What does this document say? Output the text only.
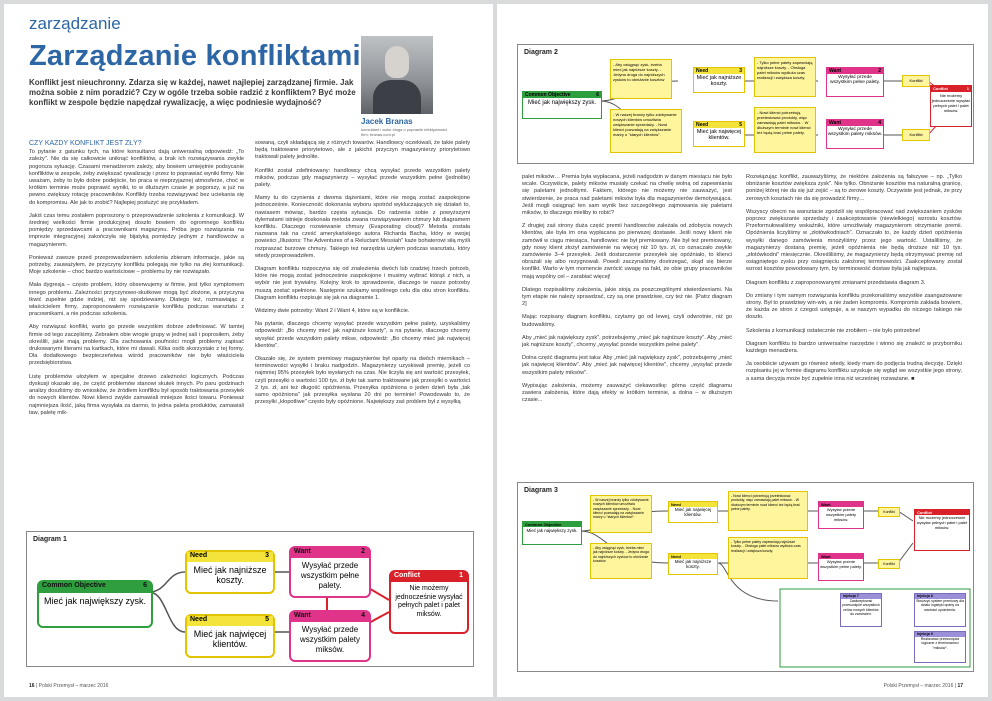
zarządzanie
Zarządzanie konfliktami
Konflikt jest nieuchronny. Zdarza się w każdej, nawet najlepiej zarządzanej firmie. Jak można sobie z nim poradzić? Czy w ogóle trzeba sobie radzić z konfliktem? Być może konflikt w zespole będzie napędzał rywalizację, a więc podniesie wydajność?
Jacek Branas
konsultant i autor bloga o poprawie efektywności firm: branas.com.pl
CZY KAŻDY KONFLIKT JEST ZŁY?

To pytanie z gatunku tych, na które konsultanci dają uniwersalną odpowiedź: „To zależy". Nie da się całkowicie uniknąć konfliktów, a brak ich rozwiązywania zwykle pogorsza sytuację. Czasami menadżerom zależy, aby bowiem umiejętnie podsycanie konfliktów w zespole, żeby zwiększać rywalizację i przez to poprawiać wyniki firmy. Nie uważam, żeby to było dobre podejście, bo praca w nieprzyjaznej atmosferze, choć w krótkim terminie może poprawić wyniki, to w dłuższym czasie je pogorszy, a już na pewno zwiększy rotację pracowników. Konflikty trzeba rozwiązywać bez uciekania się do kompromisu. Ale jak to zrobić? Najlepiej posłużyć się przykładem.

Jakiś czas temu zostałem poproszony o przeprowadzenie szkolenia z komunikacji. W średniej wielkości firmie produkcyjnej doszło bowiem do ogromnego konfliktu pomiędzy sprzedawcami a pracownikami magazynu. Próba jego rozwiązania na imprezie integracyjnej zakończyła się bijatyką pomiędzy jednym z handlowców a magazynierem.

Ponieważ zawsze przed przeprowadzeniem szkolenia zbieram informacje, jakie są potrzeby, zauważyłem, że przyczyny konfliktu polegają nie tylko na złej komunikacji. Moje szkolenie – choć bardzo wartościowe – problemu by nie rozwiązało.

Mała dygresja – często problem, który obserwujemy w firmie, jest tylko symptomem innego problemu. Zależności przyczynowo-skutkowe mogą być złożone, a przyczyna tkwić zupełnie gdzie indziej, niż się spodziewamy. Dlatego też, rozmawiając z właścicielem firmy, zaproponowałem rozwiązanie konfliktu podczas warsztatu z pracownikami, a nie podczas szkolenia.

Aby rozwiązać konflikt, warto go przede wszystkim dobrze zdefiniować. W tamtej firmie od tego zaczęliśmy. Zebrałem obie wrogie grupy w jednej sali i poprosiłem, żeby określili, jakie mają problemy. Dla zachowania poufności mogli problemy zapisać drukowanymi literami na kartkach, które mi dawali. Kilka osób skorzystało z tej formy. Dla dodatkowego bezpieczeństwa wśród pracowników nie było właściciela przedsiębiorstwa.

Listę problemów ułożyłem w specjalne drzewo zależności logicznych. Podczas dyskusji okazało się, że część problemów stanowi skutek innych. Po paru godzinach analizy doszliśmy do wniosków, że źródłem konfliktu był sposób traktowania przesyłek do nowych klientów. Nowi klienci zwykle zamawiali mniejsze ilości towaru. Ponieważ najmniejsza ilość, jaką firma wysyłała za darmo, to jedna paleta produktów, zamawiali taw, paletę mik-

sowaną, czyli składającą się z różnych towarów. Handlowcy oczekiwali, że takie palety będą traktowane priorytetowo, ale z jakichś przyczyn magazynierzy priorytetowo traktowali palety jednolite.

Konflikt został zdefiniowany: handlowcy chcą wysyłać przede wszystkim palety miksów, podczas gdy magazynierzy – wysyłać przede wszystkim pełne (jednolite) palety.

Mamy tu do czynienia z dwoma dążeniami, które nie mogą zostać zaspokojone jednocześnie. Konieczność dokonania wyboru spotród wykluczających się działań to, nawiasem mówiąc, bardzo częsta sytuacja. Do radzenia sobie z powyższymi dylematami istnieje doskonała metoda zwana rozwiązywaniem chmury lub diagramem konfliktu. Dlaczego rozwiewanie chmury (Evaporating cloud)? Metoda została nazwana tak na cześć amerykańskiego autora Richarda Bacha, który w swojej powieści „Illusions: The Adventures of a Reluctant Messiah" każe bohaterowi siłą myśli rozpraszać burzowe chmury. Takiego też narzędzia użyłem podczas warsztatu, który wtedy przeprowadziłem.

Diagram konfliktu rozpoczyna się od znalezienia dwóch lub rzadziej trzech potrzeb, które nie mogą zostać jednocześnie zaspokojone i musimy wybrać którąś z nich, a wybór nie jest trywialny. Kolejny krok to sprawdzenie, dlaczego te nasze potrzeby muszą zostać spełnione. Następnie szukamy wspólnego celu dla obu stron konfliktu. Diagram konfliktu rozpisuje się jak na diagramie 1.

Widzimy dwie potrzeby: Want 2 i Want 4, które są w konflikcie.

Na pytanie, dlaczego chcemy wysyłać przede wszystkim pełne palety, uzyskaliśmy odpowiedź: „Bo chcemy mieć jak najniższe koszty", a na pytanie, dlaczego chcemy wysyłać przede wszystkim palety mikse, odpowiedź: „Bo chcemy mieć jak najwięcej klientów".

Okazało się, że system premiowy magazynierów był oparty na dwóch miernikach – terminowości wysyłki i braku nadgodzin. Magazynierzy uzyskiwali premię, jeżeli co najmniej 95% przesyłek było wysłanych na czas. Nie liczyła się ani wartość przesyłek, czyli przesyłki o wartości 100 tys. zł było tak samo traktowane jak przesyłki o wartości 2 tys. zł, ani też długość opóźnienia. Przesyłka opóźniona o jeden dzień była „tak samo opóźniona" jak przesyłka wysłana 20 dni po terminie! Powodowało to, że przesyłki „kłopotliwe" często były opóźnione. Największy zaś problem był z wysyłką

Diagram 1
Common Objective	6
Mieć jak największy zysk.
Need	3
Mieć jak najniższe koszty.
Need	5
Mieć jak najwięcej klientów.
Want	2
Wysyłać przede wszystkim pełne palety.
Want	4
Wysyłać przede wszystkim palety miksów.
Conflict	1
Nie możemy jednocześnie wysyłać pełnych palet i palet miksów.
16 | Polski Przemysł – marzec 2016
Diagram 2
Common Objective	6
Mieć jak największy zysk.
- Aby osiągnąć zysk, trzeba mieć jak najniższe koszty. - Jedyna droga do najniższych zysków to obniżanie kosztów
- W naszej branży tylko zdobywanie nowych klientów umożliwia zwiększanie sprzedaży. - Nowi klienci pozwalają na zwiększanie marży u "starych klientów".
Need	3
Mieć jak najniższe koszty.
Need	5
Mieć jak najwięcej klientów.
- Tylko pełne palety zapewniają najniższe koszty. - Obsługa palet miksów wydłuża czas realizacji i zwiększa koszty.
- Nowi klienci potrzebują przetestować produkty, więc zamawiają palet miksów. - W dłuższym terminie nowi klienci też będą brać pełne palety.
Want	2
Wysyłać przede wszystkim pełne palety.
Want	4
Wysyłać przede wszystkim palety miksów.
Konflikt
Konflikt
Conflict	1
Nie możemy jednocześnie wysyłać pełnych palet i palet miksów.

palet miksów… Premia była wypłacana, jeżeli nadgodzin w danym miesiącu nie było wcale. Oczywiście, palety miksów musiały czekać na chwilę wolną od zapewniania się paletami jednolitymi. Faktem, którego nie możemy nie zauważyć, jest stwierdzenie, że praca nad paletami miksów była dla magazynierów demotywująca. Jeśli mogli osiągnąć ten sam wynik bez szczególnego zajmowania się paletami miksów, to dlaczego mieliby to robić?

Z drugiej zaś strony duża część premii handlowców zależała od zdobycia nowych klientów, ale była im ona wypłacana po pierwszej dostawie. Jeśli nowy klient nie zamówił w ciągu miesiąca, handlowiec nie był premiowany. Nie był też premiowany, gdy nowy klient złożył zamówienie na więcej niż 10 tys. zł, co oznaczało zwykle zamówienie 3–4 przesyłek. Jeśli dostarczenie przesyłek się opóźniało, to klienci obrażali się albo rezygnowali. Powoli zaczynaliśmy dostrzegać, skąd się bierze konflikt. Warto w tym momencie zwrócić uwagę na fakt, że obie grupy pracowników mają wspólny cel – zarabiać więcej!

Dlatego rozpisaliśmy założenia, jakie stoją za poszczególnymi stwierdzeniami. Na tym etapie nie należy sprawdzać, czy są one prawdziwe, czy też nie. [Patrz diagram 2]

Mając rozpisany diagram konfliktu, czytamy go od lewej, czyli odwrotnie, niż go budowaliśmy.

Aby „mieć jak największy zysk", potrzebujemy „mieć jak najniższe koszty". Aby „mieć jak najniższe koszty", chcemy „wysyłać przede wszystkim pełne palety".

Dolna część diagramu jest taka: Aby „mieć jak największy zysk", potrzebujemy „mieć jak najwięcej klientów". Aby „mieć jak najwięcej klientów", chcemy „wysyłać przede wszystkim palety miksów".

Wypisując założenia, możemy zauważyć ciekawostkę: górna część diagramu zawiera założenia, które dają efekty w krótkim terminie, a dolna – w dłuższym czasie...

Rozwiązując konflikt, zauważyliśmy, że niektóre założenia są fałszywe – np. „Tylko obniżanie kosztów zwiększa zysk". Nie tylko. Obniżanie kosztów ma naturalną granicę, poniżej której nie da się już zejść – są to zerowe koszty. Oczywiste jest jednak, że przy zerowych kosztach nie da się prowadzić firmy…

Wszyscy obecni na warsztacie zgodzili się współpracować nad zwiększaniem zysków poprzez zwiększanie sprzedaży i zaakceptowanie (niewielkiego) wzrostu kosztów. Przeformułowaliśmy wskaźniki, które umożliwiały magazynierom otrzymanie premii. Opóźnienia liczyliśmy w „złotówkodniach". Oznaczało to, że każdy dzień opóźnienia wysyłki danego zamówienia mnożyliśmy przez jego wartość. Ustaliliśmy, że magazynierzy dostaną premię, jeżeli opóźnienia nie będą droższe niż 10 tys. „złotówkodni" miesięcznie. Określiliśmy, że magazynierzy będą otrzymywać premię od osiągniętego zysku przy osiągnięciu założonej terminowości. Zaakceptowany został wzrost kosztów powodowany tym, by terminowość dostaw była jak najlepsza.

Diagram konfliktu z zaproponowanymi zmianami przedstawia diagram 3.

Do zmiany i tym samym rozwiązania konfliktu przekonaliśmy wszystkie zaangażowane strony. Był to prawdziwy win-win, a nie żaden kompromis. Kompromis zakłada bowiem, że każda ze stron z czegoś ustępuje, a w naszym wypadku do niczego takiego nie doszło.

Szkolenia z komunikacji ostatecznie nie zrobiłem – nie było potrzebne!

Diagram konfliktu to bardzo uniwersalne narzędzie i winno się znaleźć w przyborniku każdego menadżera.

Ja osobiście używam go również wtedy, kiedy mam do podjęcia trudną decyzję. Dzięki rozpisaniu jej w formie diagramu konfliktu uzyskuje się wgląd we wszystkie jego strony, a sama decyzja może być zupełnie inna niż wcześniej rozważane. ■

Diagram 3
Common Objective
Mieć jak największy zysk.
- W naszej branży tylko zdobywanie nowych klientów umożliwia zwiększanie sprzedaży. - Nowi klienci pozwalają na zwiększanie marży u "starych klientów".
- Aby osiągnąć zysk, trzeba mieć jak najniższe koszty. - Jedyna droga do najniższych zysków to obniżanie kosztów
Need
Mieć jak najwięcej klientów.
Need
Mieć jak najniższe koszty.
- Nowi klienci potrzebują przetestować produkty, więc zamawiają palet miksów. - W dłuższym terminie nowi klienci też będą brać pełne palety.
- Tylko pełne palety zapewniają najniższe koszty. - Obsługa palet miksów wydłuża czas realizacji i zwiększa koszty.
Want
Wysyłać przede wszystkim palety miksów.
Want
Wysyłać przede wszystkim pełne palety.
Konflikt
Konflikt
Conflict
Nie możemy jednocześnie wysyłać pełnych palet i palet miksów.
Injekcja 7
Zaakceptować przesunięcie wszystkich celów nowych klientów do zamówień.
Injekcja 8
Stworzyć system premiowy dla działu logistyki oparty na wartości opóźnienia.
Injekcja 9
Realizować przesunięcia logiczne z terminowości "miksów".
Polski Przemysł – marzec 2016 | 17
